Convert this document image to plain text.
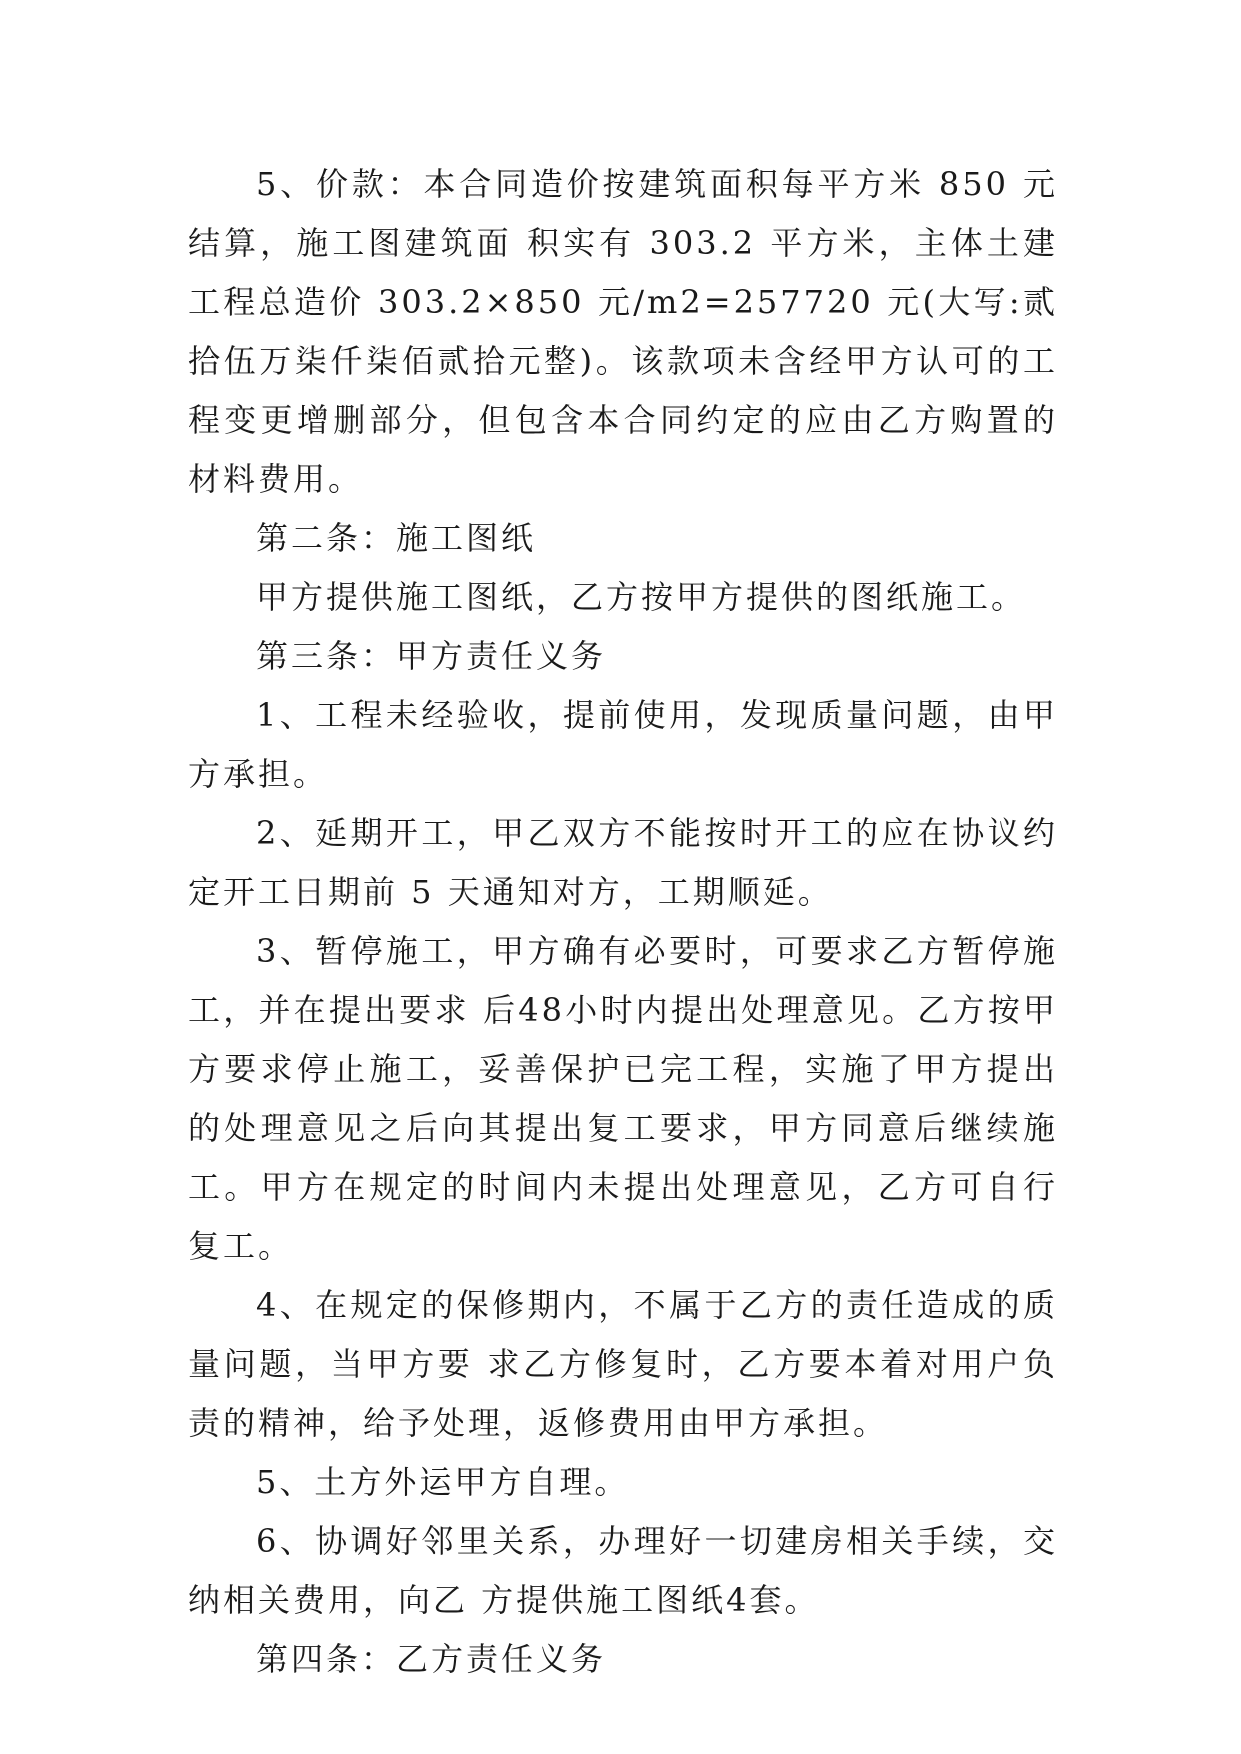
5、价款：本合同造价按建筑面积每平方米 850 元结算，施工图建筑面 积实有 303.2 平方米，主体土建工程总造价 303.2×850 元/m2=257720 元(大写:贰拾伍万柒仟柒佰贰拾元整)。该款项未含经甲方认可的工程变更增删部分，但包含本合同约定的应由乙方购置的材料费用。

第二条：施工图纸

甲方提供施工图纸，乙方按甲方提供的图纸施工。

第三条：甲方责任义务

1、工程未经验收，提前使用，发现质量问题，由甲方承担。

2、延期开工，甲乙双方不能按时开工的应在协议约定开工日期前 5 天通知对方，工期顺延。

3、暂停施工，甲方确有必要时，可要求乙方暂停施工，并在提出要求 后48小时内提出处理意见。乙方按甲方要求停止施工，妥善保护已完工程，实施了甲方提出的处理意见之后向其提出复工要求，甲方同意后继续施工。甲方在规定的时间内未提出处理意见，乙方可自行复工。

4、在规定的保修期内，不属于乙方的责任造成的质量问题，当甲方要 求乙方修复时，乙方要本着对用户负责的精神，给予处理，返修费用由甲方承担。

5、土方外运甲方自理。

6、协调好邻里关系，办理好一切建房相关手续，交纳相关费用，向乙 方提供施工图纸4套。

第四条：乙方责任义务
